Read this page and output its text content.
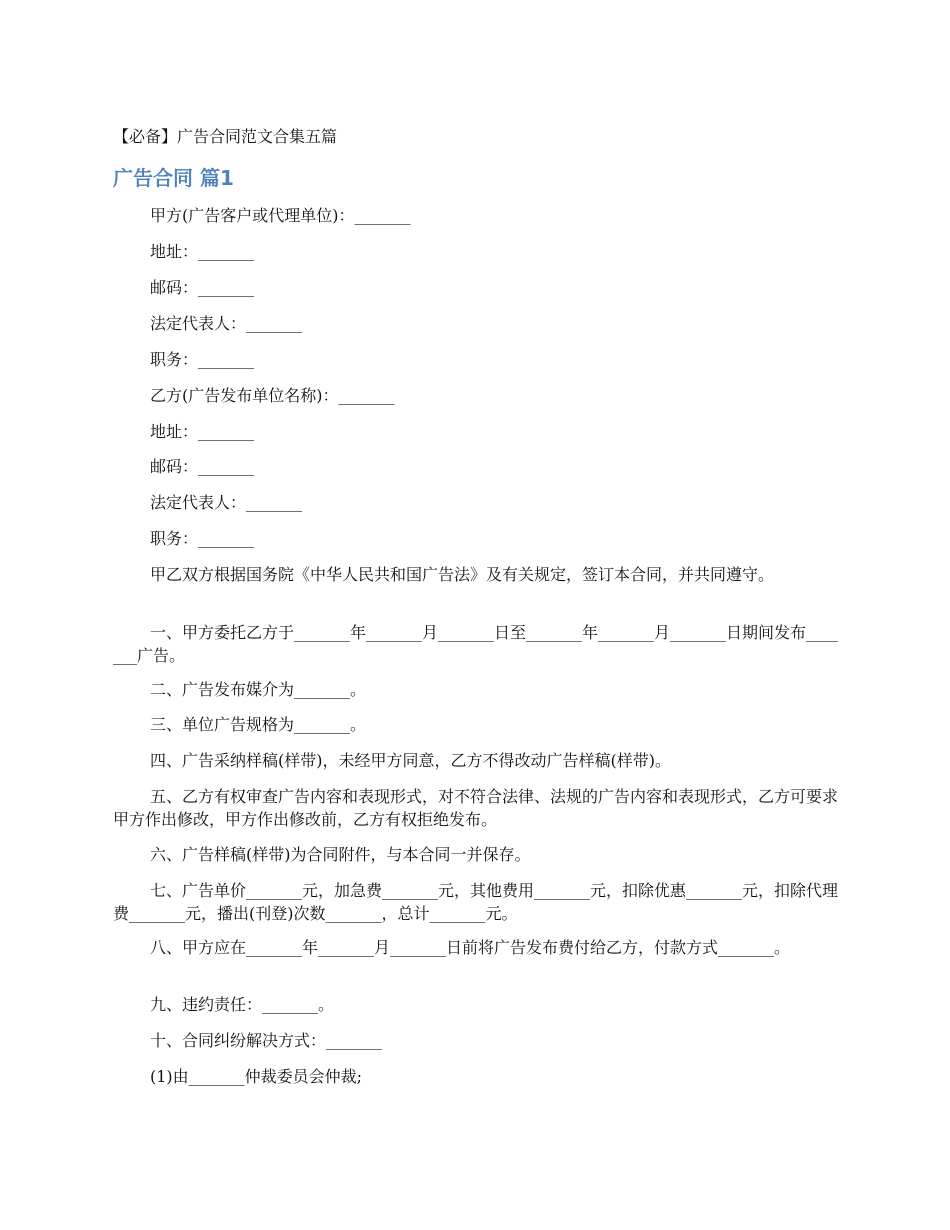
【必备】广告合同范文合集五篇
广告合同 篇1

甲方(广告客户或代理单位)：_______

地址：_______

邮码：_______

法定代表人：_______

职务：_______

乙方(广告发布单位名称)：_______

地址：_______

邮码：_______

法定代表人：_______

职务：_______

甲乙双方根据国务院《中华人民共和国广告法》及有关规定，签订本合同，并共同遵守。

一、甲方委托乙方于_______年_______月_______日至_______年_______月_______日期间发布_______广告。

二、广告发布媒介为_______。

三、单位广告规格为_______。

四、广告采纳样稿(样带)，未经甲方同意，乙方不得改动广告样稿(样带)。

五、乙方有权审查广告内容和表现形式，对不符合法律、法规的广告内容和表现形式，乙方可要求甲方作出修改，甲方作出修改前，乙方有权拒绝发布。

六、广告样稿(样带)为合同附件，与本合同一并保存。

七、广告单价_______元，加急费_______元，其他费用_______元，扣除优惠_______元，扣除代理费_______元，播出(刊登)次数_______，总计_______元。

八、甲方应在_______年_______月_______日前将广告发布费付给乙方，付款方式_______。

九、违约责任：_______。

十、合同纠纷解决方式：_______

(1)由_______仲裁委员会仲裁;
